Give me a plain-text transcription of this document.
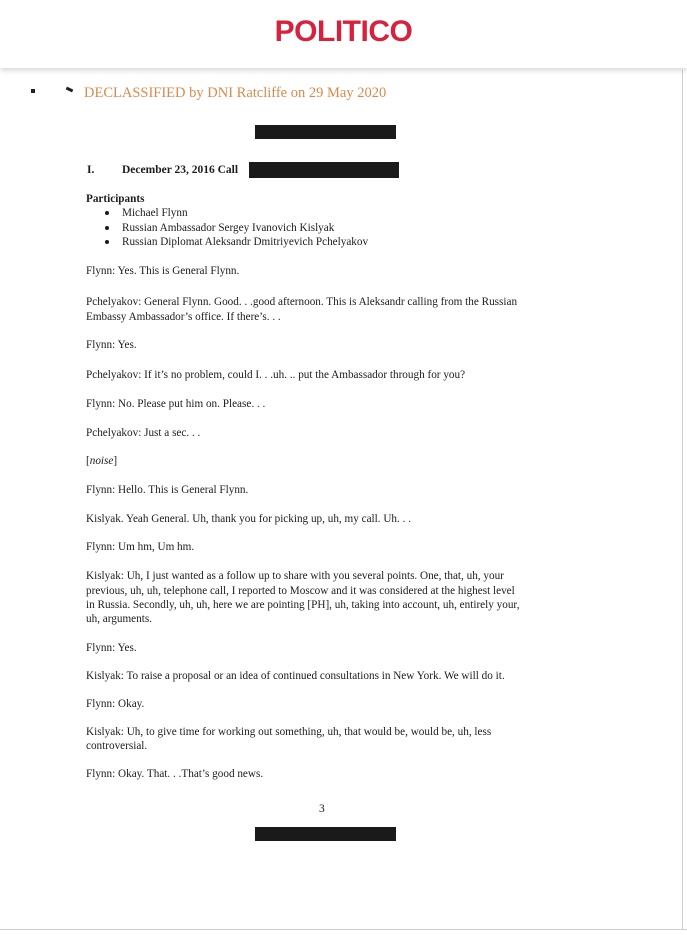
POLITICO
DECLASSIFIED by DNI Ratcliffe on 29 May 2020
I. December 23, 2016 Call
Participants
Michael Flynn
Russian Ambassador Sergey Ivanovich Kislyak
Russian Diplomat Aleksandr Dmitriyevich Pchelyakov
Flynn: Yes. This is General Flynn.
Pchelyakov: General Flynn. Good. . .good afternoon. This is Aleksandr calling from the Russian
Embassy Ambassador’s office. If there’s. . .
Flynn: Yes.
Pchelyakov: If it’s no problem, could I. . .uh. .. put the Ambassador through for you?
Flynn: No. Please put him on. Please. . .
Pchelyakov: Just a sec. . .
[noise]
Flynn: Hello. This is General Flynn.
Kislyak. Yeah General. Uh, thank you for picking up, uh, my call. Uh. . .
Flynn: Um hm, Um hm.
Kislyak: Uh, I just wanted as a follow up to share with you several points. One, that, uh, your
previous, uh, uh, telephone call, I reported to Moscow and it was considered at the highest level
in Russia. Secondly, uh, uh, here we are pointing [PH], uh, taking into account, uh, entirely your,
uh, arguments.
Flynn: Yes.
Kislyak: To raise a proposal or an idea of continued consultations in New York. We will do it.
Flynn: Okay.
Kislyak: Uh, to give time for working out something, uh, that would be, would be, uh, less
controversial.
Flynn: Okay. That. . .That’s good news.
3
